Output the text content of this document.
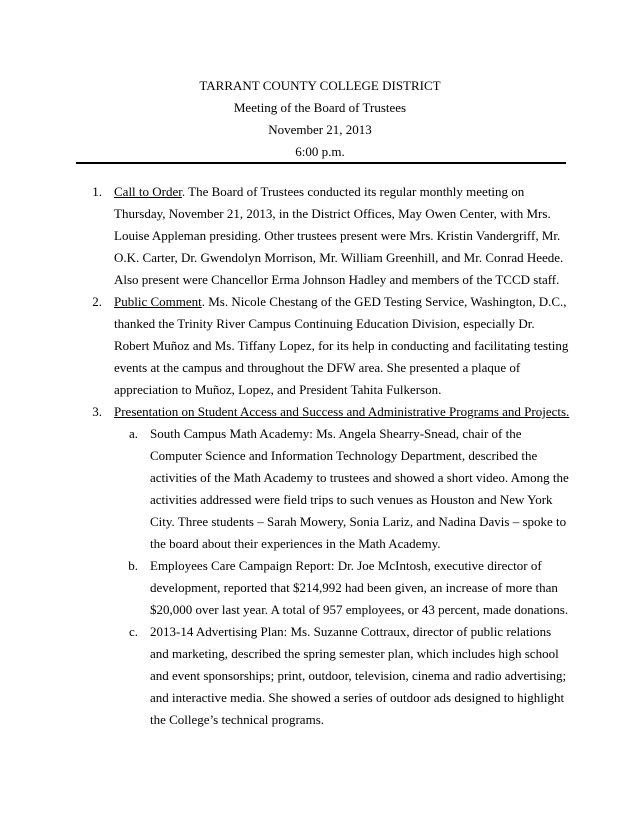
TARRANT COUNTY COLLEGE DISTRICT
Meeting of the Board of Trustees
November 21, 2013
6:00 p.m.
1. Call to Order. The Board of Trustees conducted its regular monthly meeting on Thursday, November 21, 2013, in the District Offices, May Owen Center, with Mrs. Louise Appleman presiding. Other trustees present were Mrs. Kristin Vandergriff, Mr. O.K. Carter, Dr. Gwendolyn Morrison, Mr. William Greenhill, and Mr. Conrad Heede. Also present were Chancellor Erma Johnson Hadley and members of the TCCD staff.
2. Public Comment. Ms. Nicole Chestang of the GED Testing Service, Washington, D.C., thanked the Trinity River Campus Continuing Education Division, especially Dr. Robert Muñoz and Ms. Tiffany Lopez, for its help in conducting and facilitating testing events at the campus and throughout the DFW area. She presented a plaque of appreciation to Muñoz, Lopez, and President Tahita Fulkerson.
3. Presentation on Student Access and Success and Administrative Programs and Projects.
a. South Campus Math Academy: Ms. Angela Shearry-Snead, chair of the Computer Science and Information Technology Department, described the activities of the Math Academy to trustees and showed a short video. Among the activities addressed were field trips to such venues as Houston and New York City. Three students – Sarah Mowery, Sonia Lariz, and Nadina Davis – spoke to the board about their experiences in the Math Academy.
b. Employees Care Campaign Report: Dr. Joe McIntosh, executive director of development, reported that $214,992 had been given, an increase of more than $20,000 over last year. A total of 957 employees, or 43 percent, made donations.
c. 2013-14 Advertising Plan: Ms. Suzanne Cottraux, director of public relations and marketing, described the spring semester plan, which includes high school and event sponsorships; print, outdoor, television, cinema and radio advertising; and interactive media. She showed a series of outdoor ads designed to highlight the College’s technical programs.
